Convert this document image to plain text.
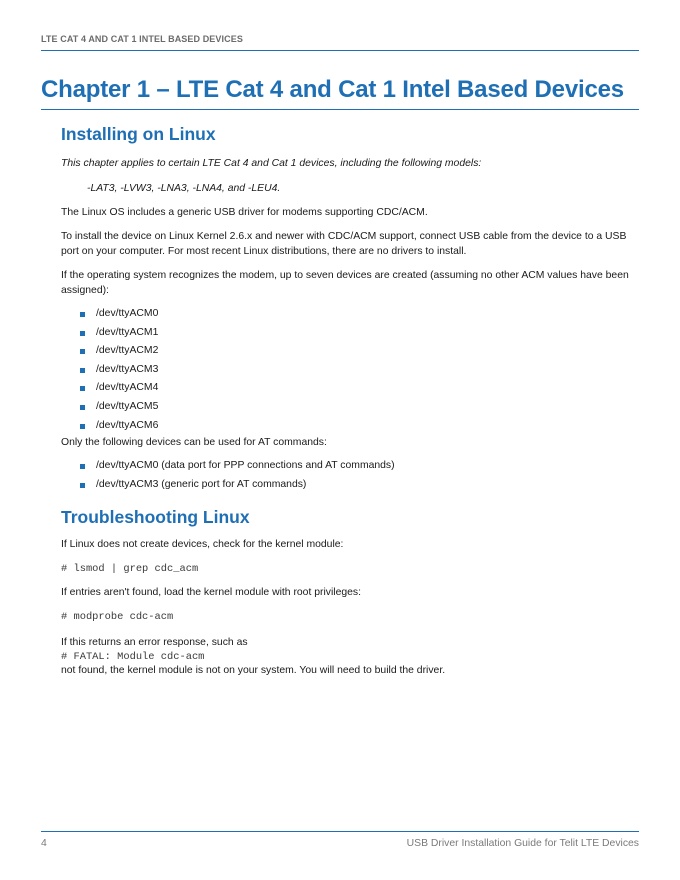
LTE CAT 4 AND CAT 1 INTEL BASED DEVICES
Chapter 1 – LTE Cat 4 and Cat 1 Intel Based Devices
Installing on Linux

This chapter applies to certain LTE Cat 4 and Cat 1 devices, including the following models:

-LAT3, -LVW3, -LNA3, -LNA4, and -LEU4.

The Linux OS includes a generic USB driver for modems supporting CDC/ACM.

To install the device on Linux Kernel 2.6.x and newer with CDC/ACM support, connect USB cable from the device to a USB port on your computer. For most recent Linux distributions, there are no drivers to install.

If the operating system recognizes the modem, up to seven devices are created (assuming no other ACM values have been assigned):

/dev/ttyACM0
/dev/ttyACM1
/dev/ttyACM2
/dev/ttyACM3
/dev/ttyACM4
/dev/ttyACM5
/dev/ttyACM6

Only the following devices can be used for AT commands:

/dev/ttyACM0 (data port for PPP connections and AT commands)
/dev/ttyACM3 (generic port for AT commands)
Troubleshooting Linux

If Linux does not create devices, check for the kernel module:

# lsmod | grep cdc_acm

If entries aren't found, load the kernel module with root privileges:

# modprobe cdc-acm

If this returns an error response, such as

# FATAL: Module cdc-acm

not found, the kernel module is not on your system. You will need to build the driver.

4	USB Driver Installation Guide for Telit LTE Devices
